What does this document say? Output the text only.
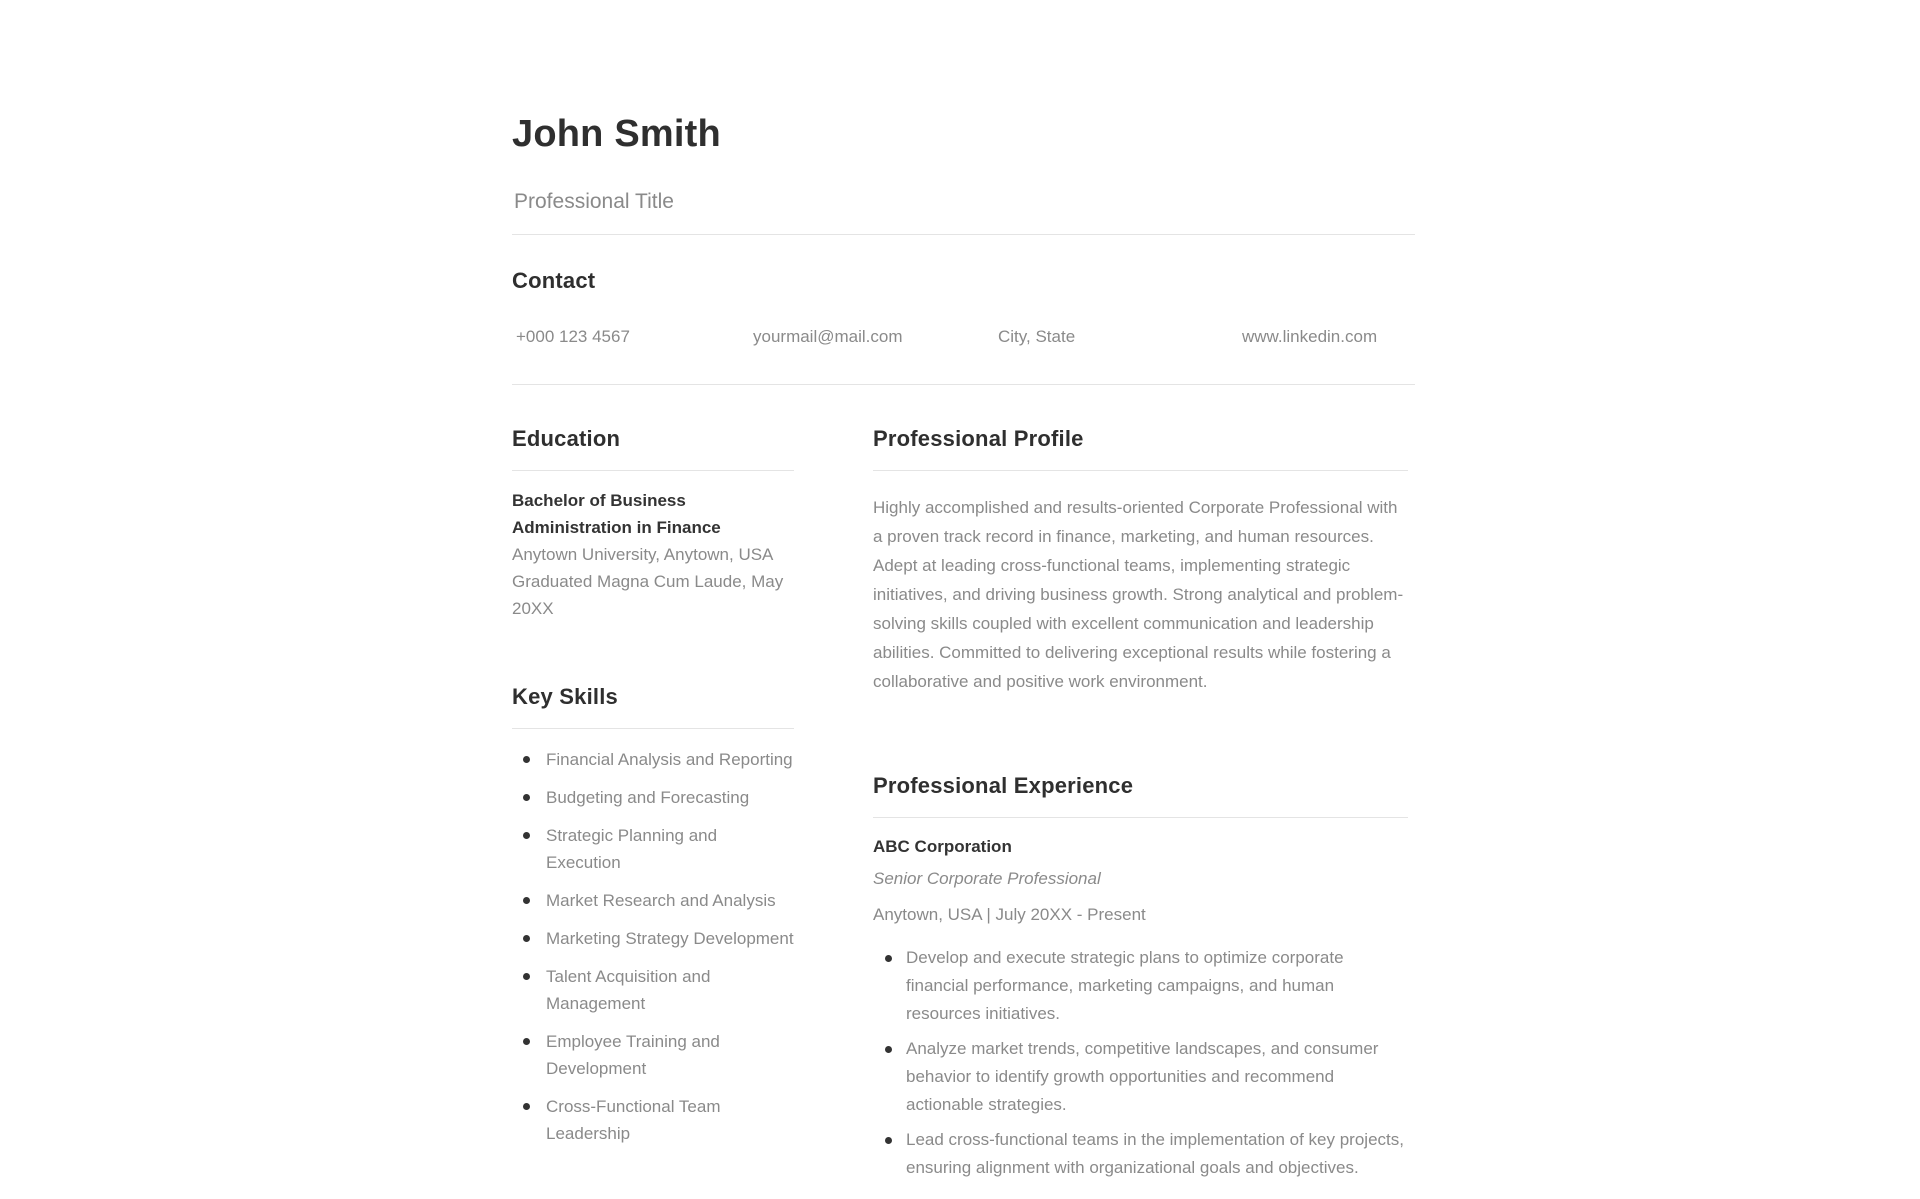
John Smith
Professional Title
Contact
+000 123 4567	yourmail@mail.com	City, State	www.linkedin.com
Education
Bachelor of Business Administration in Finance
Anytown University, Anytown, USA
Graduated Magna Cum Laude, May 20XX
Key Skills
Financial Analysis and Reporting
Budgeting and Forecasting
Strategic Planning and Execution
Market Research and Analysis
Marketing Strategy Development
Talent Acquisition and Management
Employee Training and Development
Cross-Functional Team Leadership
Professional Profile
Highly accomplished and results-oriented Corporate Professional with a proven track record in finance, marketing, and human resources. Adept at leading cross-functional teams, implementing strategic initiatives, and driving business growth. Strong analytical and problem-solving skills coupled with excellent communication and leadership abilities. Committed to delivering exceptional results while fostering a collaborative and positive work environment.
Professional Experience
ABC Corporation
Senior Corporate Professional
Anytown, USA | July 20XX - Present
Develop and execute strategic plans to optimize corporate financial performance, marketing campaigns, and human resources initiatives.
Analyze market trends, competitive landscapes, and consumer behavior to identify growth opportunities and recommend actionable strategies.
Lead cross-functional teams in the implementation of key projects, ensuring alignment with organizational goals and objectives.
